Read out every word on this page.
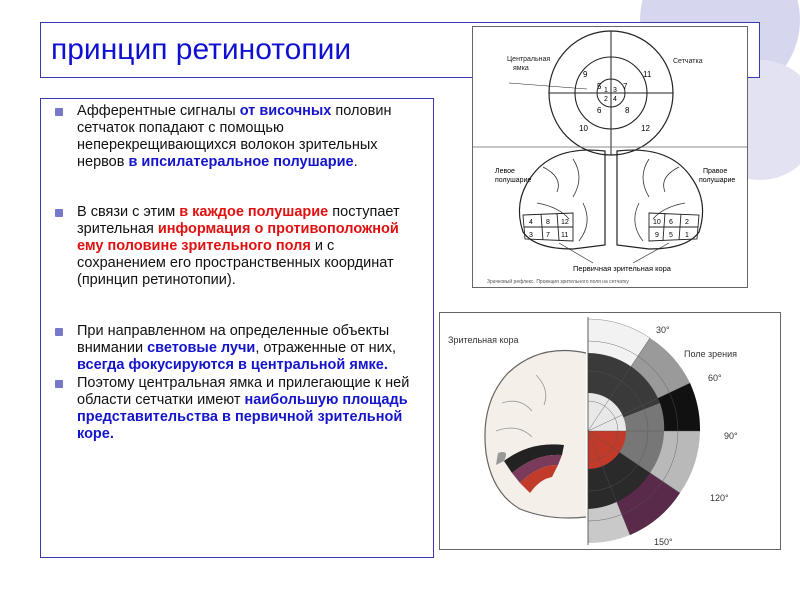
принцип ретинотопии
Афферентные сигналы от височных половин сетчаток попадают с помощью неперекрещивающихся волокон зрительных нервов в ипсилатеральное полушарие.
В связи с этим в каждое полушарие поступает зрительная информация о противоположной ему половине зрительного поля и с сохранением его пространственных координат (принцип ретинотопии).
При направленном на определенные объекты внимании световые лучи, отраженные от них, всегда фокусируются в центральной ямке.
Поэтому центральная ямка и прилегающие к ней области сетчатки имеют наибольшую площадь представительства в первичной зрительной коре.
Центральная
ямка
Сетчатка
9	11
5	7
1 3
2 4
6	8
10	12
4 8 12
3 7 11
10 6 2
9 5 1
Левое
полушарие
Правое
полушарие
Первичная зрительная кора
Зрачковый рефлекс. Проекция зрительного поля на сетчатку
Зрительная кора
Поле зрения
30°
60°
90°
120°
150°
